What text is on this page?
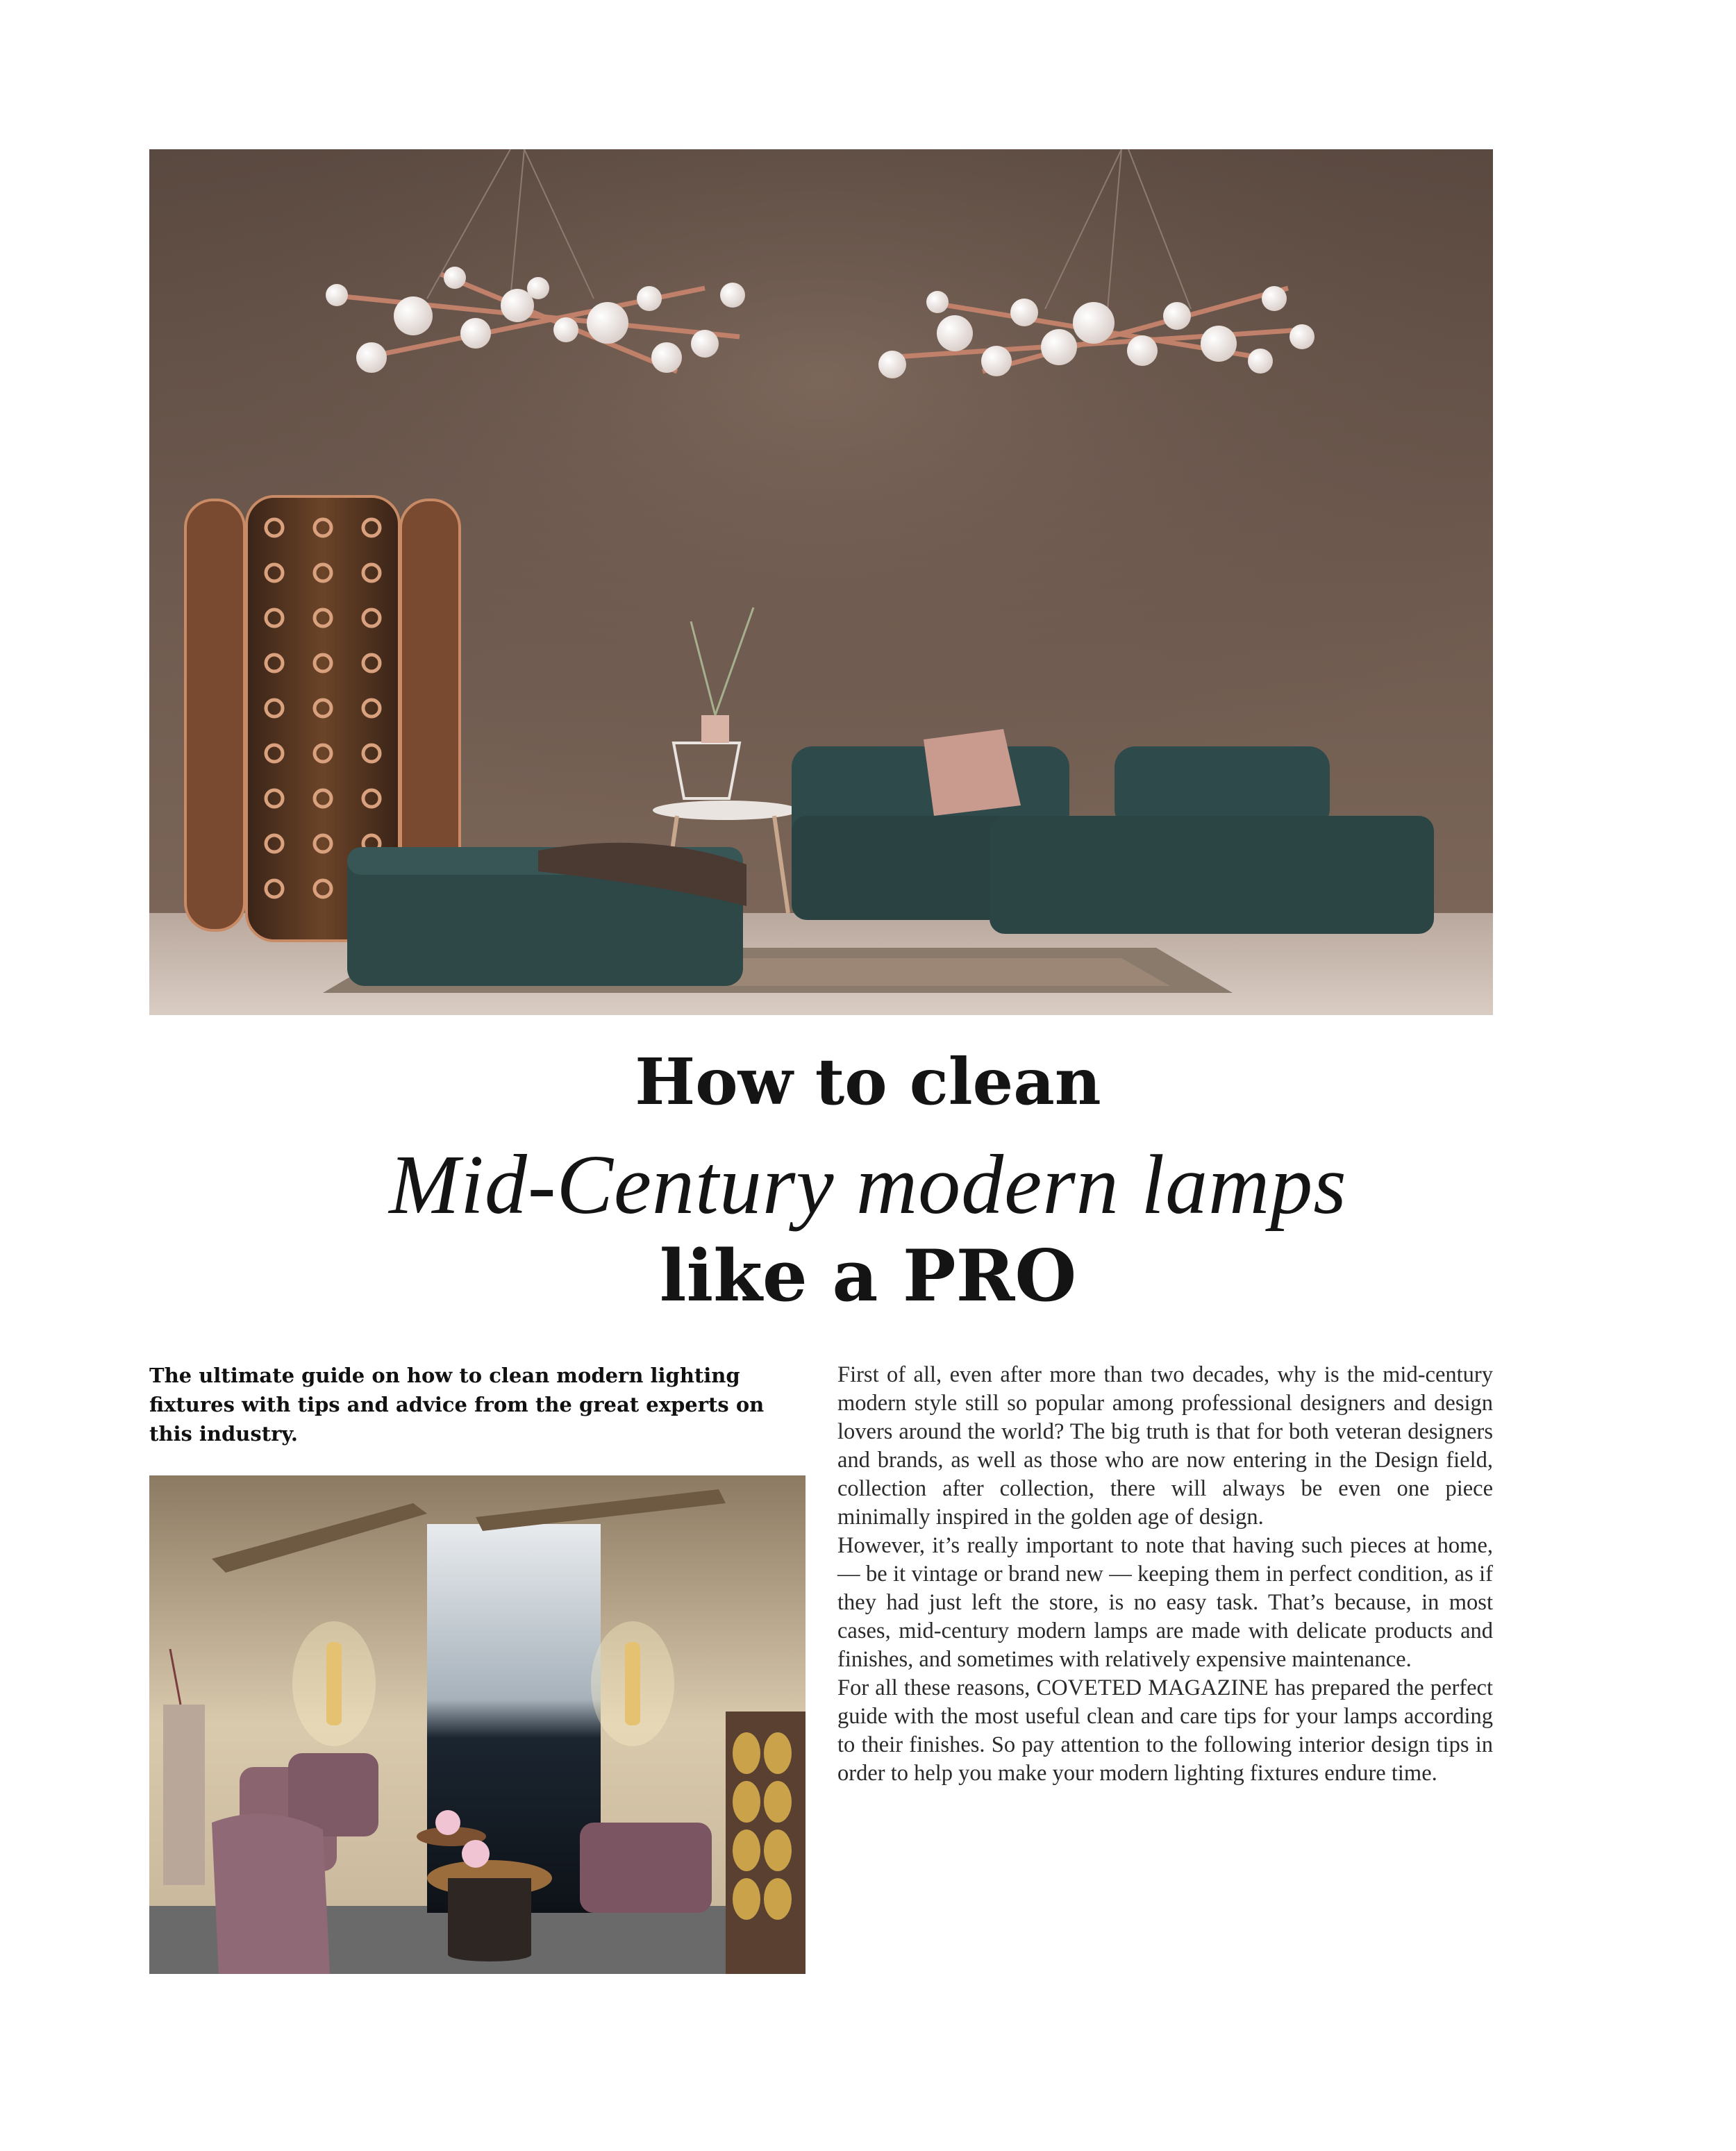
How to clean
Mid-Century modern lamps
like a PRO

The ultimate guide on how to clean modern lighting fixtures with tips and advice from the great experts on this industry.

First of all, even after more than two decades, why is the mid-century modern style still so popular among professional designers and design lovers around the world? The big truth is that for both veteran designers and brands, as well as those who are now entering in the Design field, collection after collection, there will always be even one piece minimally inspired in the golden age of design.

However, it’s really important to note that having such pieces at home, — be it vintage or brand new — keeping them in perfect condition, as if they had just left the store, is no easy task. That’s because, in most cases, mid-century modern lamps are made with delicate products and finishes, and sometimes with relatively expensive maintenance.

For all these reasons, COVETED MAGAZINE has prepared the perfect guide with the most useful clean and care tips for your lamps according to their finishes. So pay attention to the following interior design tips in order to help you make your modern lighting fixtures endure time.
